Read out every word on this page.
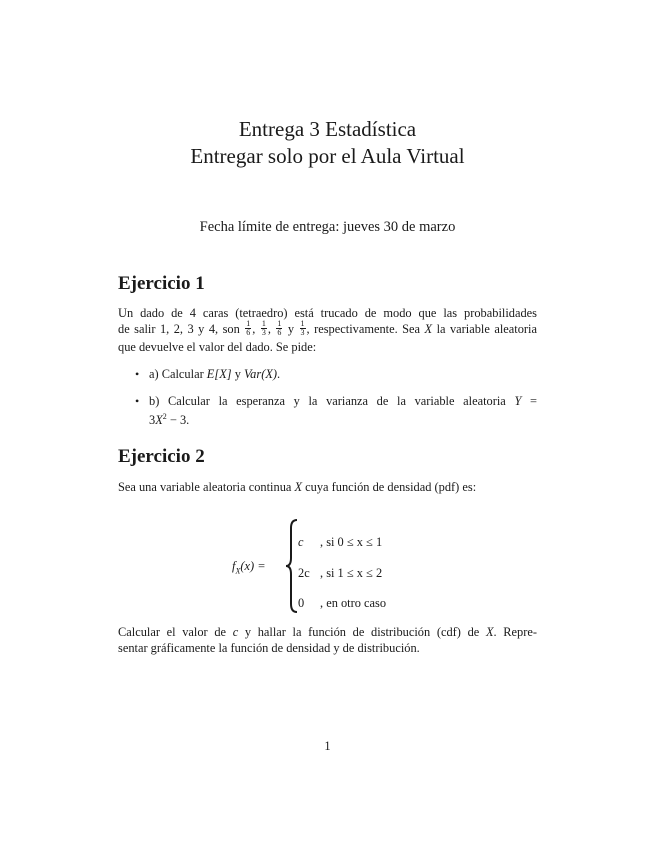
Entrega 3 Estadística
Entregar solo por el Aula Virtual
Fecha límite de entrega: jueves 30 de marzo
Ejercicio 1
Un dado de 4 caras (tetraedro) está trucado de modo que las probabilidades
de salir 1, 2, 3 y 4, son $\frac{1}{6}$ , $\frac{1}{3}$ , $\frac{1}{6}$ y $\frac{1}{3}$ , respectivamente. Sea X la variable aleatoria
que devuelve el valor del dado. Se pide:
• a) Calcular E[X] y Var(X).
• b) Calcular la esperanza y la varianza de la variable aleatoria Y =
$3X^2 - 3$.
Ejercicio 2
Sea una variable aleatoria continua X cuya función de densidad (pdf) es:
$f_X(x)$ =
c , si 0 ≤ x ≤ 1
2c , si 1 ≤ x ≤ 2
0 , en otro caso
Calcular el valor de c y hallar la función de distribución (cdf) de X. Repre-
sentar gráficamente la función de densidad y de distribución.
1
